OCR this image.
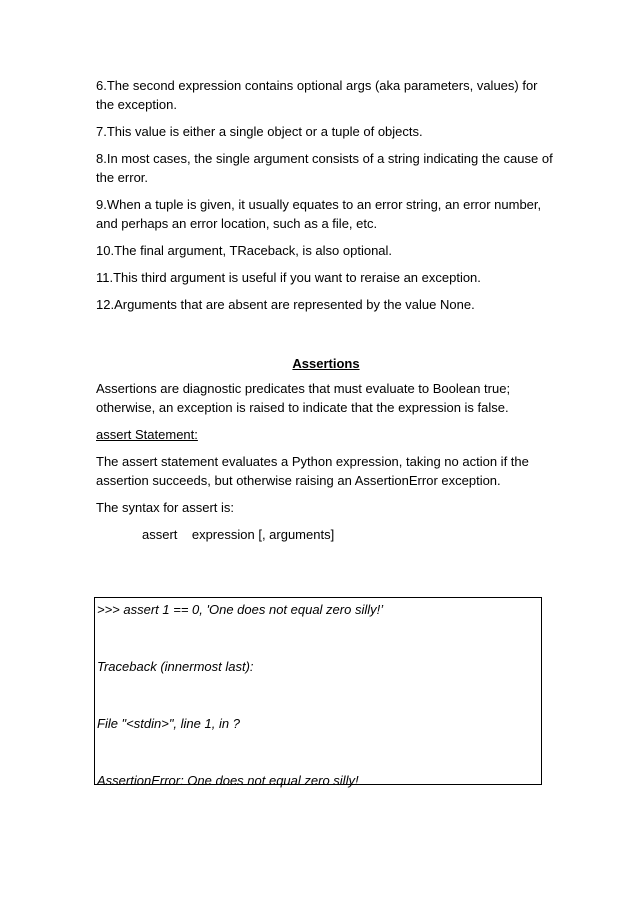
6.The second expression contains optional args (aka parameters, values) for the exception.

7.This value is either a single object or a tuple of objects.

8.In most cases, the single argument consists of a string indicating the cause of the error.

9.When a tuple is given, it usually equates to an error string, an error number, and perhaps an error location, such as a file, etc.

10.The final argument, TRaceback, is also optional.

11.This third argument is useful if you want to reraise an exception.

12.Arguments that are absent are represented by the value None.

Assertions

Assertions are diagnostic predicates that must evaluate to Boolean true; otherwise, an exception is raised to indicate that the expression is false.

assert Statement:

The assert statement evaluates a Python expression, taking no action if the assertion succeeds, but otherwise raising an AssertionError exception.

The syntax for assert is:

assert    expression [, arguments]

>>> assert 1 == 0, 'One does not equal zero silly!’

Traceback (innermost last):

File "<stdin>", line 1, in ?

AssertionError: One does not equal zero silly!
